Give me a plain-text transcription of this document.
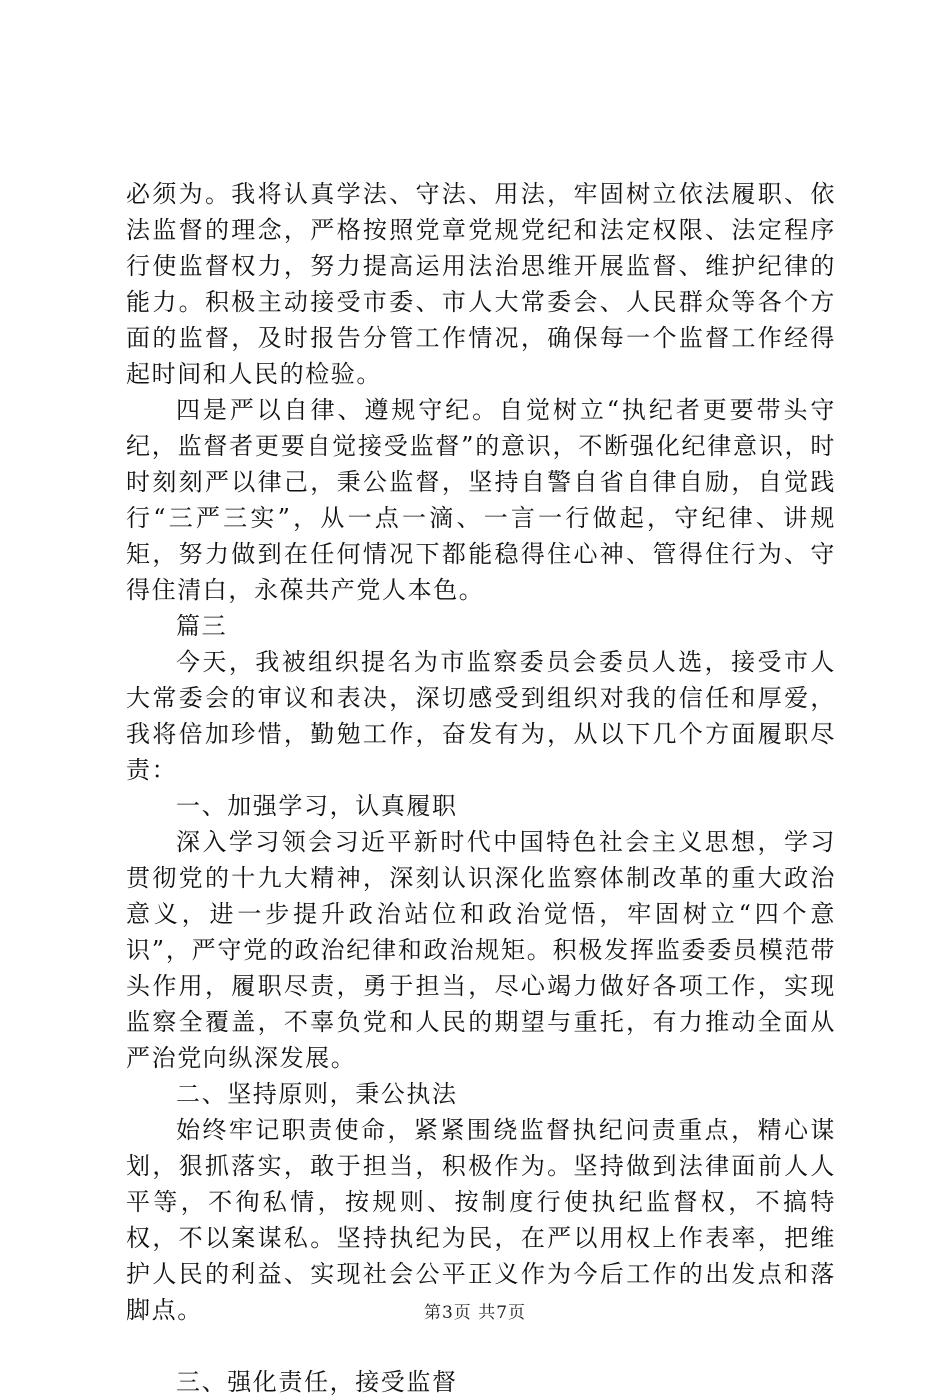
必须为。我将认真学法、守法、用法，牢固树立依法履职、依法监督的理念，严格按照党章党规党纪和法定权限、法定程序行使监督权力，努力提高运用法治思维开展监督、维护纪律的能力。积极主动接受市委、市人大常委会、人民群众等各个方面的监督，及时报告分管工作情况，确保每一个监督工作经得起时间和人民的检验。

四是严以自律、遵规守纪。自觉树立“执纪者更要带头守纪，监督者更要自觉接受监督”的意识，不断强化纪律意识，时时刻刻严以律己，秉公监督，坚持自警自省自律自励，自觉践行“三严三实”，从一点一滴、一言一行做起，守纪律、讲规矩，努力做到在任何情况下都能稳得住心神、管得住行为、守得住清白，永葆共产党人本色。

篇三

今天，我被组织提名为市监察委员会委员人选，接受市人大常委会的审议和表决，深切感受到组织对我的信任和厚爱，我将倍加珍惜，勤勉工作，奋发有为，从以下几个方面履职尽责：

一、加强学习，认真履职

深入学习领会习近平新时代中国特色社会主义思想，学习贯彻党的十九大精神，深刻认识深化监察体制改革的重大政治意义，进一步提升政治站位和政治觉悟，牢固树立“四个意识”，严守党的政治纪律和政治规矩。积极发挥监委委员模范带头作用，履职尽责，勇于担当，尽心竭力做好各项工作，实现监察全覆盖，不辜负党和人民的期望与重托，有力推动全面从严治党向纵深发展。

二、坚持原则，秉公执法

始终牢记职责使命，紧紧围绕监督执纪问责重点，精心谋划，狠抓落实，敢于担当，积极作为。坚持做到法律面前人人平等，不徇私情，按规则、按制度行使执纪监督权，不搞特权，不以案谋私。坚持执纪为民，在严以用权上作表率，把维护人民的利益、实现社会公平正义作为今后工作的出发点和落脚点。

三、强化责任，接受监督

第3页 共7页
